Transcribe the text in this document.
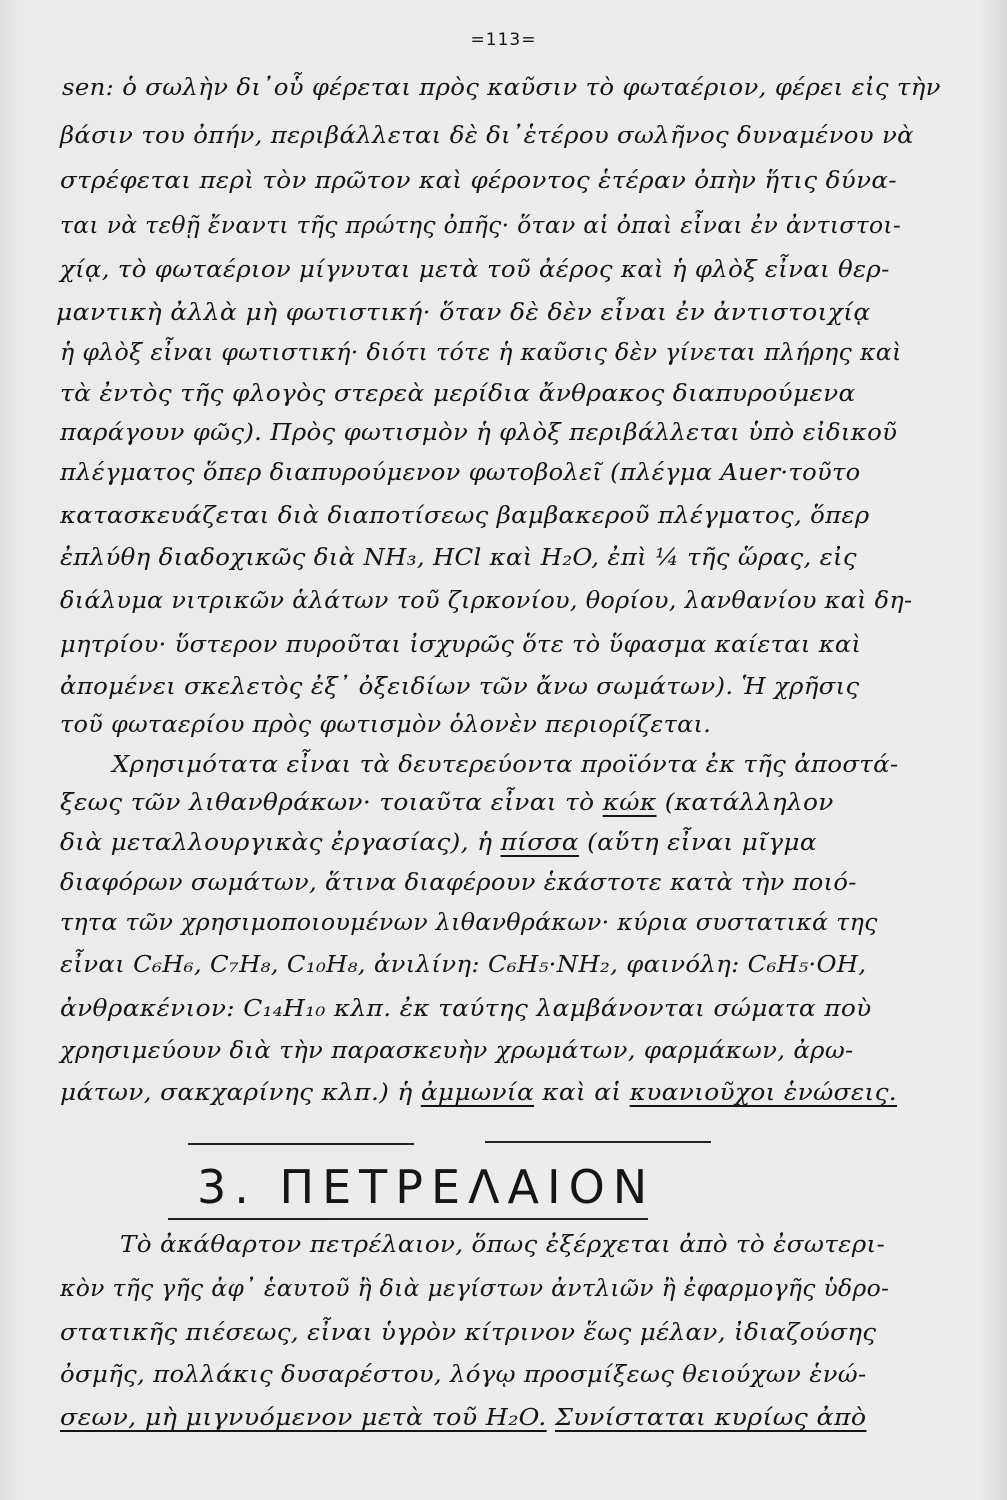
=113=
sen: ὁ σωλὴν δι᾽οὗ φέρεται πρὸς καῦσιν τὸ φωταέριον, φέρει εἰς τὴν
βάσιν του ὀπήν, περιβάλλεται δὲ δι᾽ἑτέρου σωλῆνος δυναμένου νὰ
στρέφεται περὶ τὸν πρῶτον καὶ φέροντος ἑτέραν ὀπὴν ἥτις δύνα-
ται νὰ τεθῇ ἔναντι τῆς πρώτης ὀπῆς· ὅταν αἱ ὀπαὶ εἶναι ἐν ἀντιστοι-
χίᾳ, τὸ φωταέριον μίγνυται μετὰ τοῦ ἀέρος καὶ ἡ φλὸξ εἶναι θερ-
μαντικὴ ἀλλὰ μὴ φωτιστική· ὅταν δὲ δὲν εἶναι ἐν ἀντιστοιχίᾳ
ἡ φλὸξ εἶναι φωτιστική· διότι τότε ἡ καῦσις δὲν γίνεται πλήρης καὶ
τὰ ἐντὸς τῆς φλογὸς στερεὰ μερίδια ἄνθρακος διαπυρούμενα
παράγουν φῶς). Πρὸς φωτισμὸν ἡ φλὸξ περιβάλλεται ὑπὸ εἰδικοῦ
πλέγματος ὅπερ διαπυρούμενον φωτοβολεῖ (πλέγμα Auer·τοῦτο
κατασκευάζεται διὰ διαποτίσεως βαμβακεροῦ πλέγματος, ὅπερ
ἐπλύθη διαδοχικῶς διὰ NH₃, HCl καὶ H₂O, ἐπὶ ¼ τῆς ὥρας, εἰς
διάλυμα νιτρικῶν ἁλάτων τοῦ ζιρκονίου, θορίου, λανθανίου καὶ δη-
μητρίου· ὕστερον πυροῦται ἰσχυρῶς ὅτε τὸ ὕφασμα καίεται καὶ
ἀπομένει σκελετὸς ἐξ᾽ ὀξειδίων τῶν ἄνω σωμάτων). Ἡ χρῆσις
τοῦ φωταερίου πρὸς φωτισμὸν ὁλονὲν περιορίζεται.
Χρησιμότατα εἶναι τὰ δευτερεύοντα προϊόντα ἐκ τῆς ἀποστά-
ξεως τῶν λιθανθράκων· τοιαῦτα εἶναι τὸ κώκ (κατάλληλον
διὰ μεταλλουργικὰς ἐργασίας), ἡ πίσσα (αὕτη εἶναι μῖγμα
διαφόρων σωμάτων, ἅτινα διαφέρουν ἑκάστοτε κατὰ τὴν ποιό-
τητα τῶν χρησιμοποιουμένων λιθανθράκων· κύρια συστατικά της
εἶναι C₆H₆, C₇H₈, C₁₀H₈, ἀνιλίνη: C₆H₅·NH₂, φαινόλη: C₆H₅·OH,
ἀνθρακένιον: C₁₄H₁₀ κλπ. ἐκ ταύτης λαμβάνονται σώματα ποὺ
χρησιμεύουν διὰ τὴν παρασκευὴν χρωμάτων, φαρμάκων, ἀρω-
μάτων, σακχαρίνης κλπ.) ἡ ἀμμωνία καὶ αἱ κυανιοῦχοι ἑνώσεις.
3. ΠΕΤΡΕΛΑΙΟΝ
Τὸ ἀκάθαρτον πετρέλαιον, ὅπως ἐξέρχεται ἀπὸ τὸ ἐσωτερι-
κὸν τῆς γῆς ἀφ᾽ ἑαυτοῦ ἢ διὰ μεγίστων ἀντλιῶν ἢ ἐφαρμογῆς ὑδρο-
στατικῆς πιέσεως, εἶναι ὑγρὸν κίτρινον ἕως μέλαν, ἰδιαζούσης
ὀσμῆς, πολλάκις δυσαρέστου, λόγῳ προσμίξεως θειούχων ἑνώ-
σεων, μὴ μιγνυόμενον μετὰ τοῦ H₂O. Συνίσταται κυρίως ἀπὸ
